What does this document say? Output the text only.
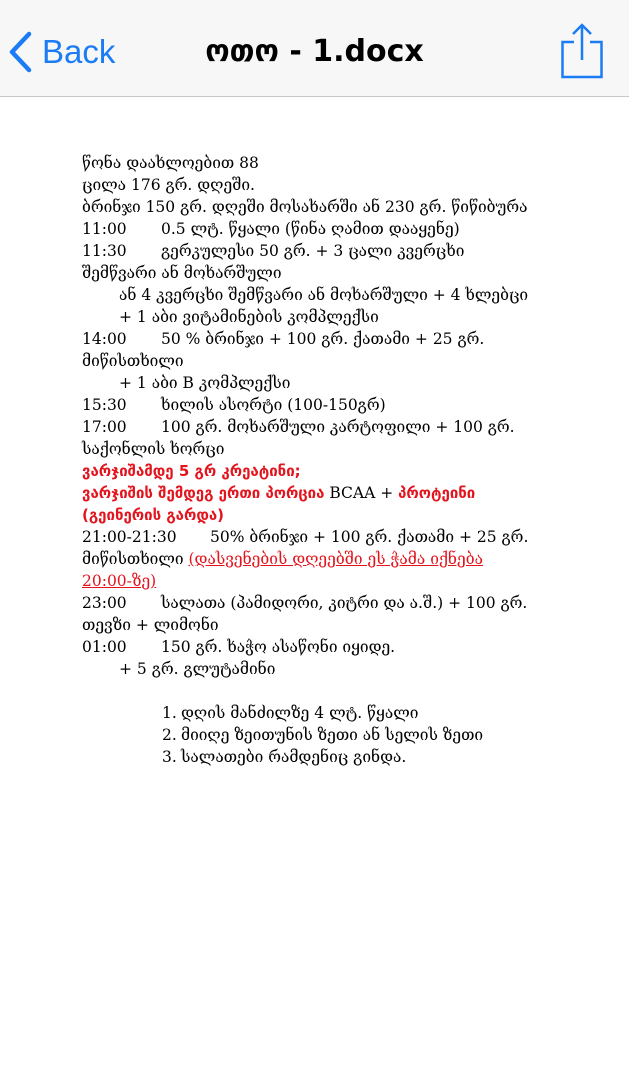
Back	ოთო - 1.docx

წონა დაახლოებით 88

ცილა 176 გრ. დღეში.

ბრინჯი 150 გრ. დღეში მოსახარში ან 230 გრ. წიწიბურა

11:00 0.5 ლტ. წყალი (წინა ღამით დააყენე)

11:30 გერკულესი 50 გრ. + 3 ცალი კვერცხი

შემწვარი ან მოხარშული

ან 4 კვერცხი შემწვარი ან მოხარშული + 4 ხლებცი

+ 1 აბი ვიტამინების კომპლექსი

14:00 50 % ბრინჯი + 100 გრ. ქათამი + 25 გრ.

მიწისთხილი

+ 1 აბი B კომპლექსი

15:30 ხილის ასორტი (100-150გრ)

17:00 100 გრ. მოხარშული კარტოფილი + 100 გრ.

საქონლის ხორცი

ვარჯიშამდე 5 გრ კრეატინი;

ვარჯიშის შემდეგ ერთი პორცია BCAA + პროტეინი

(გეინერის გარდა)

21:00-21:30 50% ბრინჯი + 100 გრ. ქათამი + 25 გრ.

მიწისთხილი (დასვენების დღეებში ეს ჭამა იქნება

20:00-ზე)

23:00 სალათა (პამიდორი, კიტრი და ა.შ.) + 100 გრ.

თევზი + ლიმონი

01:00 150 გრ. ხაჭო ასაწონი იყიდე.

+ 5 გრ. გლუტამინი

1. დღის მანძილზე 4 ლტ. წყალი
2. მიიღე ზეითუნის ზეთი ან სელის ზეთი
3. სალათები რამდენიც გინდა.
